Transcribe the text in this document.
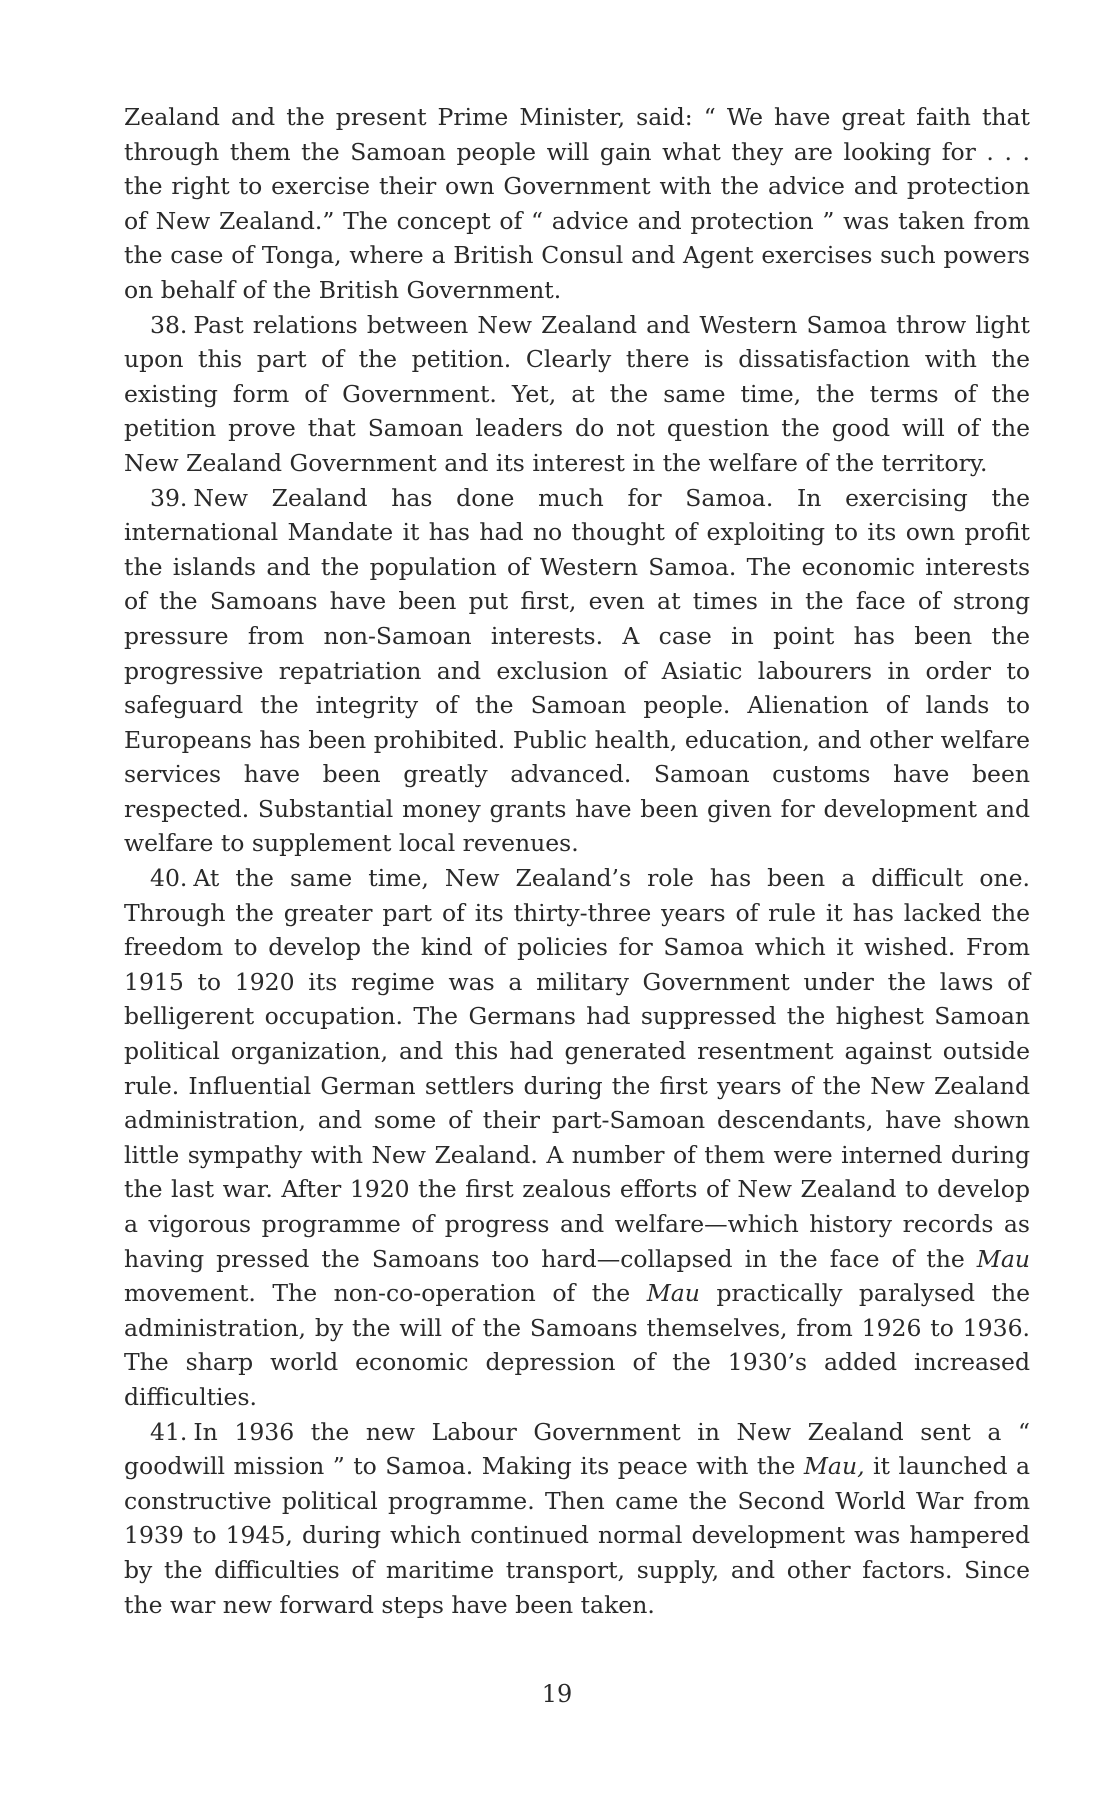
Zealand and the present Prime Minister, said: “ We have great faith that through them the Samoan people will gain what they are looking for . . . the right to exercise their own Government with the advice and protection of New Zealand.” The concept of “ advice and protection ” was taken from the case of Tonga, where a British Consul and Agent exercises such powers on behalf of the British Government.

38. Past relations between New Zealand and Western Samoa throw light upon this part of the petition. Clearly there is dissatisfaction with the existing form of Government. Yet, at the same time, the terms of the petition prove that Samoan leaders do not question the good will of the New Zealand Government and its interest in the welfare of the territory.

39. New Zealand has done much for Samoa. In exercising the international Mandate it has had no thought of exploiting to its own profit the islands and the population of Western Samoa. The economic interests of the Samoans have been put first, even at times in the face of strong pressure from non-Samoan interests. A case in point has been the progressive repatriation and exclusion of Asiatic labourers in order to safeguard the integrity of the Samoan people. Alienation of lands to Europeans has been prohibited. Public health, education, and other welfare services have been greatly advanced. Samoan customs have been respected. Substantial money grants have been given for development and welfare to supplement local revenues.

40. At the same time, New Zealand’s role has been a difficult one. Through the greater part of its thirty-three years of rule it has lacked the freedom to develop the kind of policies for Samoa which it wished. From 1915 to 1920 its regime was a military Government under the laws of belligerent occupation. The Germans had suppressed the highest Samoan political organization, and this had generated resentment against outside rule. Influential German settlers during the first years of the New Zealand administration, and some of their part-Samoan descendants, have shown little sympathy with New Zealand. A number of them were interned during the last war. After 1920 the first zealous efforts of New Zealand to develop a vigorous programme of progress and welfare—which history records as having pressed the Samoans too hard—collapsed in the face of the Mau movement. The non-co-operation of the Mau practically paralysed the administration, by the will of the Samoans themselves, from 1926 to 1936. The sharp world economic depression of the 1930’s added increased difficulties.

41. In 1936 the new Labour Government in New Zealand sent a “ goodwill mission ” to Samoa. Making its peace with the Mau, it launched a constructive political programme. Then came the Second World War from 1939 to 1945, during which continued normal development was hampered by the difficulties of maritime transport, supply, and other factors. Since the war new forward steps have been taken.

19
